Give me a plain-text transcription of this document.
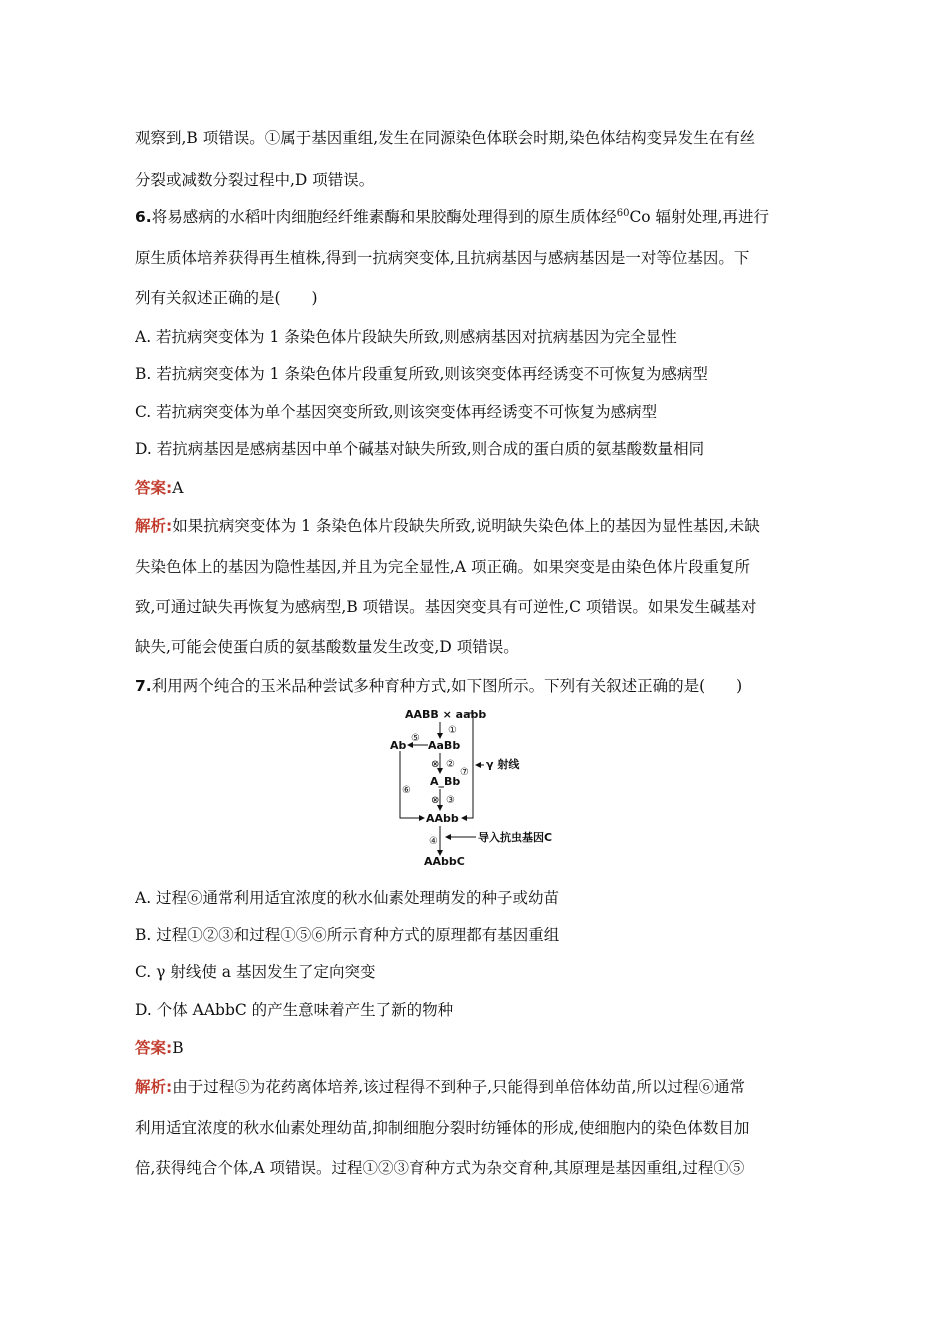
观察到,B 项错误。①属于基因重组,发生在同源染色体联会时期,染色体结构变异发生在有丝
分裂或减数分裂过程中,D 项错误。
6.将易感病的水稻叶肉细胞经纤维素酶和果胶酶处理得到的原生质体经$^{60}$Co 辐射处理,再进行
原生质体培养获得再生植株,得到一抗病突变体,且抗病基因与感病基因是一对等位基因。下
列有关叙述正确的是(　　)
A. 若抗病突变体为 1 条染色体片段缺失所致,则感病基因对抗病基因为完全显性
B. 若抗病突变体为 1 条染色体片段重复所致,则该突变体再经诱变不可恢复为感病型
C. 若抗病突变体为单个基因突变所致,则该突变体再经诱变不可恢复为感病型
D. 若抗病基因是感病基因中单个碱基对缺失所致,则合成的蛋白质的氨基酸数量相同
答案:A
解析:如果抗病突变体为 1 条染色体片段缺失所致,说明缺失染色体上的基因为显性基因,未缺
失染色体上的基因为隐性基因,并且为完全显性,A 项正确。如果突变是由染色体片段重复所
致,可通过缺失再恢复为感病型,B 项错误。基因突变具有可逆性,C 项错误。如果发生碱基对
缺失,可能会使蛋白质的氨基酸数量发生改变,D 项错误。
7.利用两个纯合的玉米品种尝试多种育种方式,如下图所示。下列有关叙述正确的是(　　)
AABB × aabb
①
AaBb
Ab
⑤
⊗ ②
A_Bb
⊗ ③
AAbb
⑥
⑦
γ 射线
④	导入抗虫基因C
AAbbC
A. 过程⑥通常利用适宜浓度的秋水仙素处理萌发的种子或幼苗
B. 过程①②③和过程①⑤⑥所示育种方式的原理都有基因重组
C. γ 射线使 a 基因发生了定向突变
D. 个体 AAbbC 的产生意味着产生了新的物种
答案:B
解析:由于过程⑤为花药离体培养,该过程得不到种子,只能得到单倍体幼苗,所以过程⑥通常
利用适宜浓度的秋水仙素处理幼苗,抑制细胞分裂时纺锤体的形成,使细胞内的染色体数目加
倍,获得纯合个体,A 项错误。过程①②③育种方式为杂交育种,其原理是基因重组,过程①⑤
